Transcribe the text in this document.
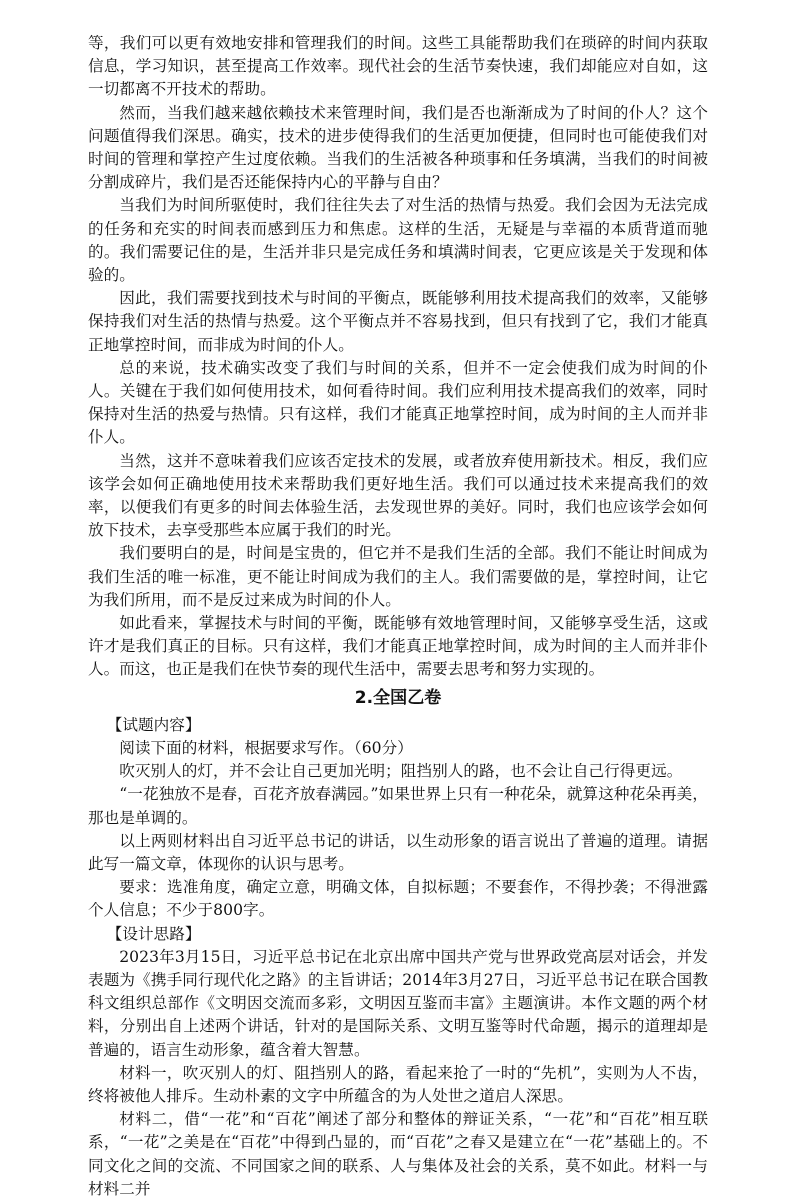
等，我们可以更有效地安排和管理我们的时间。这些工具能帮助我们在琐碎的时间内获取信息，学习知识，甚至提高工作效率。现代社会的生活节奏快速，我们却能应对自如，这一切都离不开技术的帮助。

然而，当我们越来越依赖技术来管理时间，我们是否也渐渐成为了时间的仆人？这个问题值得我们深思。确实，技术的进步使得我们的生活更加便捷，但同时也可能使我们对时间的管理和掌控产生过度依赖。当我们的生活被各种琐事和任务填满，当我们的时间被分割成碎片，我们是否还能保持内心的平静与自由？

当我们为时间所驱使时，我们往往失去了对生活的热情与热爱。我们会因为无法完成的任务和充实的时间表而感到压力和焦虑。这样的生活，无疑是与幸福的本质背道而驰的。我们需要记住的是，生活并非只是完成任务和填满时间表，它更应该是关于发现和体验的。

因此，我们需要找到技术与时间的平衡点，既能够利用技术提高我们的效率，又能够保持我们对生活的热情与热爱。这个平衡点并不容易找到，但只有找到了它，我们才能真正地掌控时间，而非成为时间的仆人。

总的来说，技术确实改变了我们与时间的关系，但并不一定会使我们成为时间的仆人。关键在于我们如何使用技术，如何看待时间。我们应利用技术提高我们的效率，同时保持对生活的热爱与热情。只有这样，我们才能真正地掌控时间，成为时间的主人而并非仆人。

当然，这并不意味着我们应该否定技术的发展，或者放弃使用新技术。相反，我们应该学会如何正确地使用技术来帮助我们更好地生活。我们可以通过技术来提高我们的效率，以便我们有更多的时间去体验生活，去发现世界的美好。同时，我们也应该学会如何放下技术，去享受那些本应属于我们的时光。

我们要明白的是，时间是宝贵的，但它并不是我们生活的全部。我们不能让时间成为我们生活的唯一标准，更不能让时间成为我们的主人。我们需要做的是，掌控时间，让它为我们所用，而不是反过来成为时间的仆人。

如此看来，掌握技术与时间的平衡，既能够有效地管理时间，又能够享受生活，这或许才是我们真正的目标。只有这样，我们才能真正地掌控时间，成为时间的主人而并非仆人。而这，也正是我们在快节奏的现代生活中，需要去思考和努力实现的。

2.全国乙卷

【试题内容】

阅读下面的材料，根据要求写作。（60分）

吹灭别人的灯，并不会让自己更加光明；阻挡别人的路，也不会让自己行得更远。

“一花独放不是春，百花齐放春满园。”如果世界上只有一种花朵，就算这种花朵再美，那也是单调的。

以上两则材料出自习近平总书记的讲话，以生动形象的语言说出了普遍的道理。请据此写一篇文章，体现你的认识与思考。

要求：选准角度，确定立意，明确文体，自拟标题；不要套作，不得抄袭；不得泄露个人信息；不少于800字。

【设计思路】

2023年3月15日，习近平总书记在北京出席中国共产党与世界政党高层对话会，并发表题为《携手同行现代化之路》的主旨讲话；2014年3月27日，习近平总书记在联合国教科文组织总部作《文明因交流而多彩，文明因互鉴而丰富》主题演讲。本作文题的两个材料，分别出自上述两个讲话，针对的是国际关系、文明互鉴等时代命题，揭示的道理却是普遍的，语言生动形象，蕴含着大智慧。

材料一，吹灭别人的灯、阻挡别人的路，看起来抢了一时的“先机”，实则为人不齿，终将被他人排斥。生动朴素的文字中所蕴含的为人处世之道启人深思。

材料二，借“一花”和“百花”阐述了部分和整体的辩证关系，“一花”和“百花”相互联系，“一花”之美是在“百花”中得到凸显的，而“百花”之春又是建立在“一花”基础上的。不同文化之间的交流、不同国家之间的联系、人与集体及社会的关系，莫不如此。材料一与材料二并
